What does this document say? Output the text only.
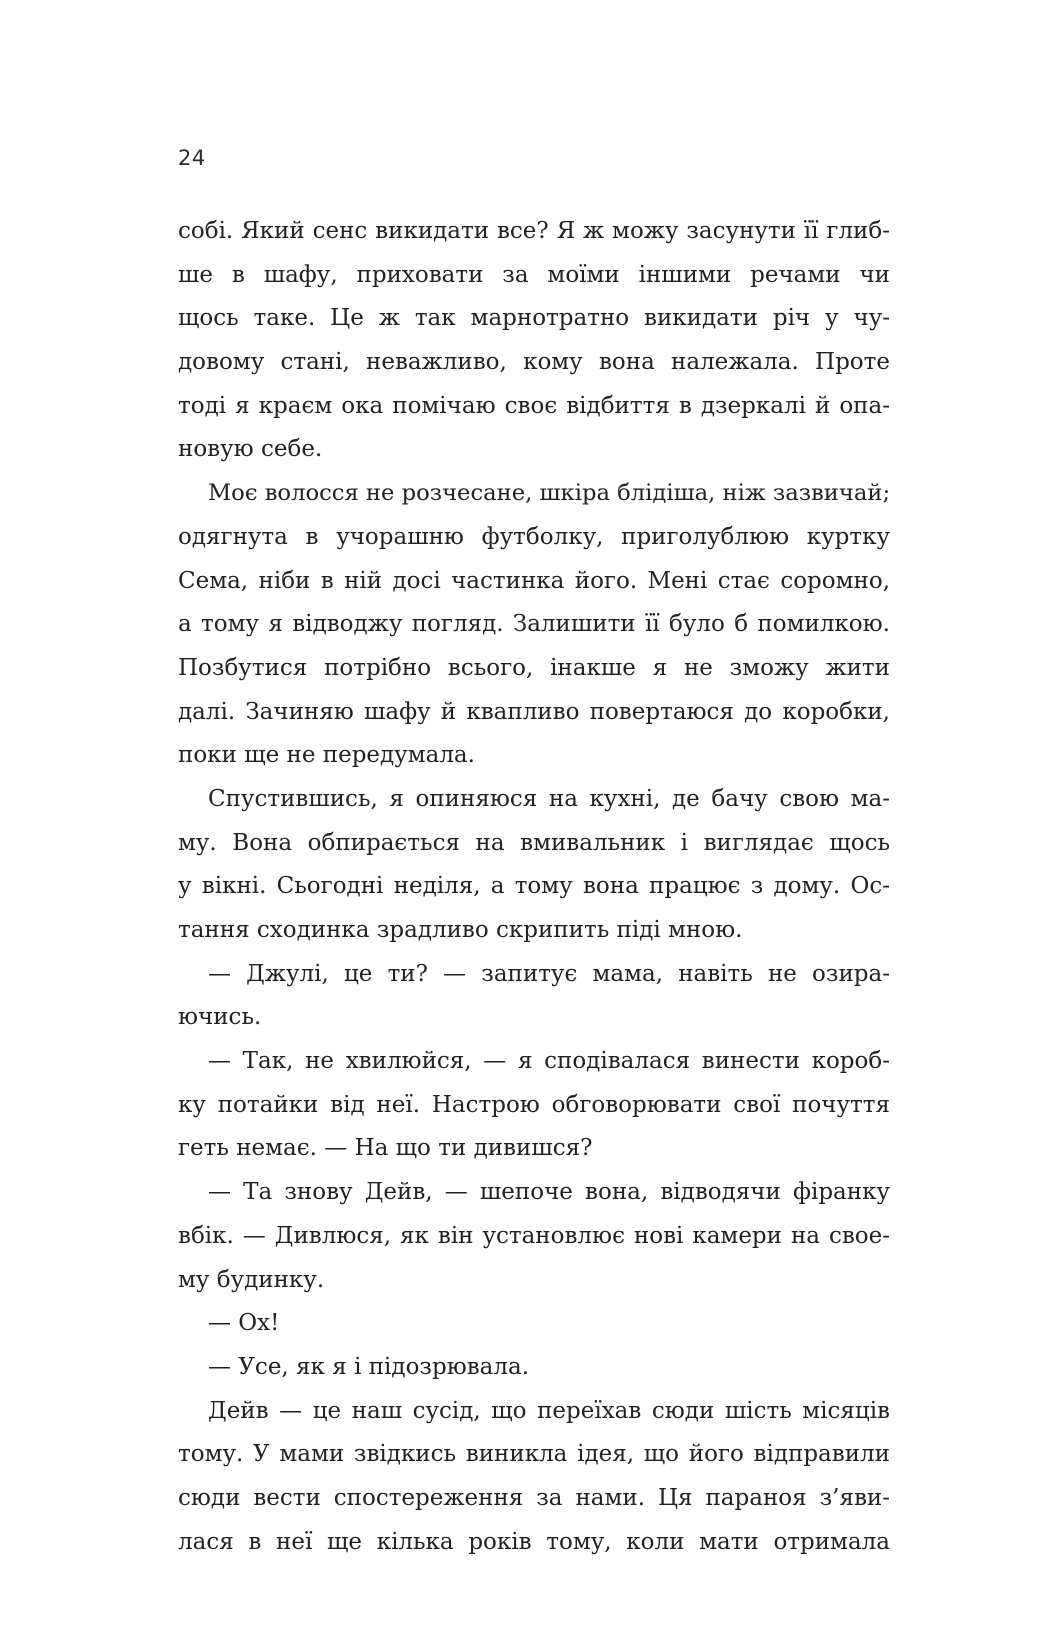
24
собі. Який сенс викидати все? Я ж можу засунути її глиб-
ше в шафу, приховати за моїми іншими речами чи
щось таке. Це ж так марнотратно викидати річ у чу-
довому стані, неважливо, кому вона належала. Проте
тоді я краєм ока помічаю своє відбиття в дзеркалі й опа-
новую себе.
Моє волосся не розчесане, шкіра блідіша, ніж зазвичай;
одягнута в учорашню футболку, приголублюю куртку
Сема, ніби в ній досі частинка його. Мені стає соромно,
а тому я відводжу погляд. Залишити її було б помилкою.
Позбутися потрібно всього, інакше я не зможу жити
далі. Зачиняю шафу й квапливо повертаюся до коробки,
поки ще не передумала.
Спустившись, я опиняюся на кухні, де бачу свою ма-
му. Вона обпирається на вмивальник і виглядає щось
у вікні. Сьогодні неділя, а тому вона працює з дому. Ос-
тання сходинка зрадливо скрипить піді мною.
— Джулі, це ти? — запитує мама, навіть не озира-
ючись.
— Так, не хвилюйся, — я сподівалася винести короб-
ку потайки від неї. Настрою обговорювати свої почуття
геть немає. — На що ти дивишся?
— Та знову Дейв, — шепоче вона, відводячи фіранку
вбік. — Дивлюся, як він установлює нові камери на свое-
му будинку.
— Ох!
— Усе, як я і підозрювала.
Дейв — це наш сусід, що переїхав сюди шість місяців
тому. У мами звідкись виникла ідея, що його відправили
сюди вести спостереження за нами. Ця параноя з’яви-
лася в неї ще кілька років тому, коли мати отримала
